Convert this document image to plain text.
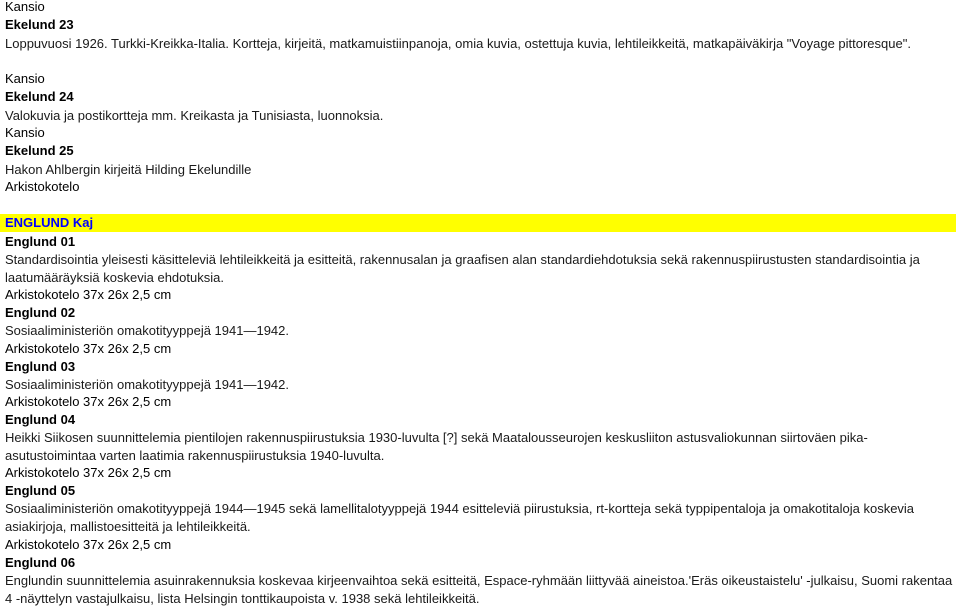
Kansio
Ekelund 23
Loppuvuosi 1926. Turkki-Kreikka-Italia. Kortteja, kirjeitä, matkamuistiinpanoja, omia kuvia, ostettuja kuvia, lehtileikkeitä, matkapäiväkirja "Voyage pittoresque".
Kansio
Ekelund 24
Valokuvia ja postikortteja mm. Kreikasta ja Tunisiasta, luonnoksia.
Kansio
Ekelund 25
Hakon Ahlbergin kirjeitä Hilding Ekelundille
Arkistokotelo
ENGLUND Kaj
Englund 01
Standardisointia yleisesti käsitteleviä lehtileikkeitä ja esitteitä, rakennusalan ja graafisen alan standardiehdotuksia sekä rakennuspiirustusten standardisointia ja laatumääräyksiä koskevia ehdotuksia.
Arkistokotelo 37x 26x 2,5 cm
Englund 02
Sosiaaliministeriön omakotityyppejä 1941—1942.
Arkistokotelo 37x 26x 2,5 cm
Englund 03
Sosiaaliministeriön omakotityyppejä 1941—1942.
Arkistokotelo 37x 26x 2,5 cm
Englund 04
Heikki Siikosen suunnittelemia pientilojen rakennuspiirustuksia 1930-luvulta [?] sekä Maatalousseurojen keskusliiton astusvaliokunnan siirtoväen pika-asutustoimintaa varten laatimia rakennuspiirustuksia 1940-luvulta.
Arkistokotelo 37x 26x 2,5 cm
Englund 05
Sosiaaliministeriön omakotityyppejä 1944—1945 sekä lamellitalotyyppejä 1944 esitteleviä piirustuksia, rt-kortteja sekä typpipentaloja ja omakotitaloja koskevia asiakirjoja, mallistoesitteitä ja lehtileikkeitä.
Arkistokotelo 37x 26x 2,5 cm
Englund 06
Englundin suunnittelemia asuinrakennuksia koskevaa kirjeenvaihtoa sekä esitteitä, Espace-ryhmään liittyvää aineistoa.'Eräs oikeustaistelu' -julkaisu, Suomi rakentaa 4 -näyttelyn vastajulkaisu, lista Helsingin tonttikaupoista v. 1938 sekä lehtileikkeitä.
